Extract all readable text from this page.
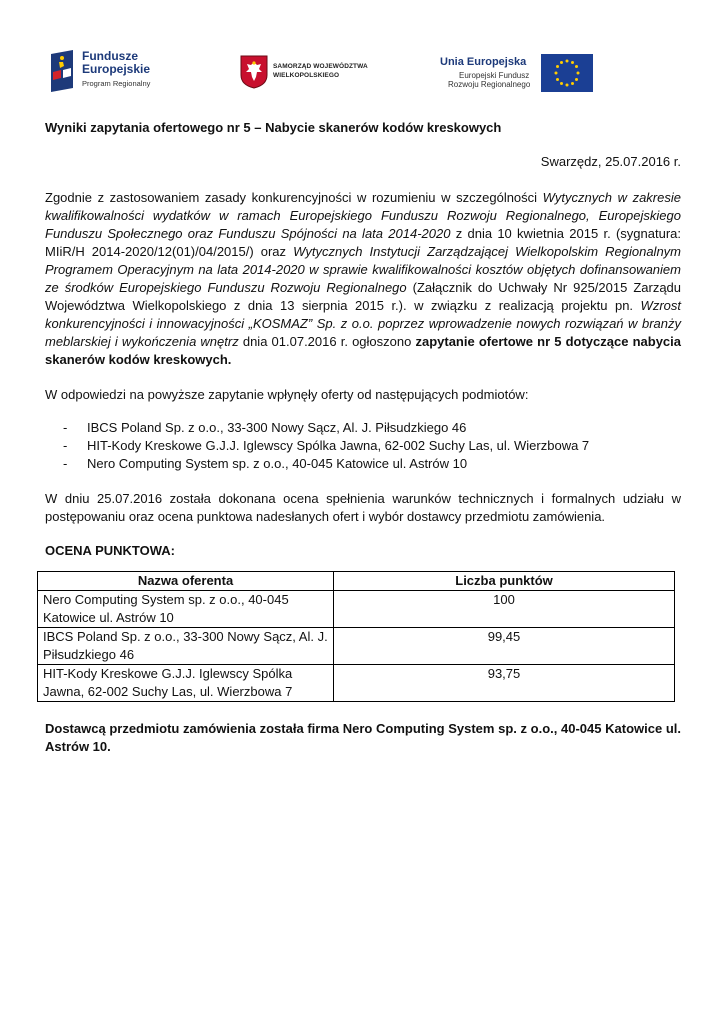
Fundusze
Europejskie
Program Regionalny
SAMORZĄD WOJEWÓDZTWA
WIELKOPOLSKIEGO
Unia Europejska
Europejski Fundusz
Rozwoju Regionalnego

Wyniki zapytania ofertowego nr 5 – Nabycie skanerów kodów kreskowych

Swarzędz, 25.07.2016 r.

Zgodnie z zastosowaniem zasady konkurencyjności w rozumieniu w szczególności Wytycznych w zakresie kwalifikowalności wydatków w ramach Europejskiego Funduszu Rozwoju Regionalnego, Europejskiego Funduszu Społecznego oraz Funduszu Spójności na lata 2014-2020 z dnia 10 kwietnia 2015 r. (sygnatura: MIiR/H 2014-2020/12(01)/04/2015/) oraz Wytycznych Instytucji Zarządzającej Wielkopolskim Regionalnym Programem Operacyjnym na lata 2014-2020 w sprawie kwalifikowalności kosztów objętych dofinansowaniem ze środków Europejskiego Funduszu Rozwoju Regionalnego (Załącznik do Uchwały Nr 925/2015 Zarządu Województwa Wielkopolskiego z dnia 13 sierpnia 2015 r.). w związku z realizacją projektu pn. Wzrost konkurencyjności i innowacyjności „KOSMAZ” Sp. z o.o. poprzez wprowadzenie nowych rozwiązań w branży meblarskiej i wykończenia wnętrz dnia 01.07.2016 r. ogłoszono zapytanie ofertowe nr 5 dotyczące nabycia skanerów kodów kreskowych.

W odpowiedzi na powyższe zapytanie wpłynęły oferty od następujących podmiotów:

- IBCS Poland Sp. z o.o., 33-300 Nowy Sącz, Al. J. Piłsudzkiego 46
- HIT-Kody Kreskowe G.J.J. Iglewscy Spólka Jawna, 62-002 Suchy Las, ul. Wierzbowa 7
- Nero Computing System sp. z o.o., 40-045 Katowice ul. Astrów 10

W dniu 25.07.2016 została dokonana ocena spełnienia warunków technicznych i formalnych udziału w postępowaniu oraz ocena punktowa nadesłanych ofert i wybór dostawcy przedmiotu zamówienia.

OCENA PUNKTOWA:

Nazwa oferenta	Liczba punktów
Nero Computing System sp. z o.o., 40-045 Katowice ul. Astrów 10	100
IBCS Poland Sp. z o.o., 33-300 Nowy Sącz, Al. J. Piłsudzkiego 46	99,45
HIT-Kody Kreskowe G.J.J. Iglewscy Spólka Jawna, 62-002 Suchy Las, ul. Wierzbowa 7	93,75

Dostawcą przedmiotu zamówienia została firma Nero Computing System sp. z o.o., 40-045 Katowice ul. Astrów 10.
